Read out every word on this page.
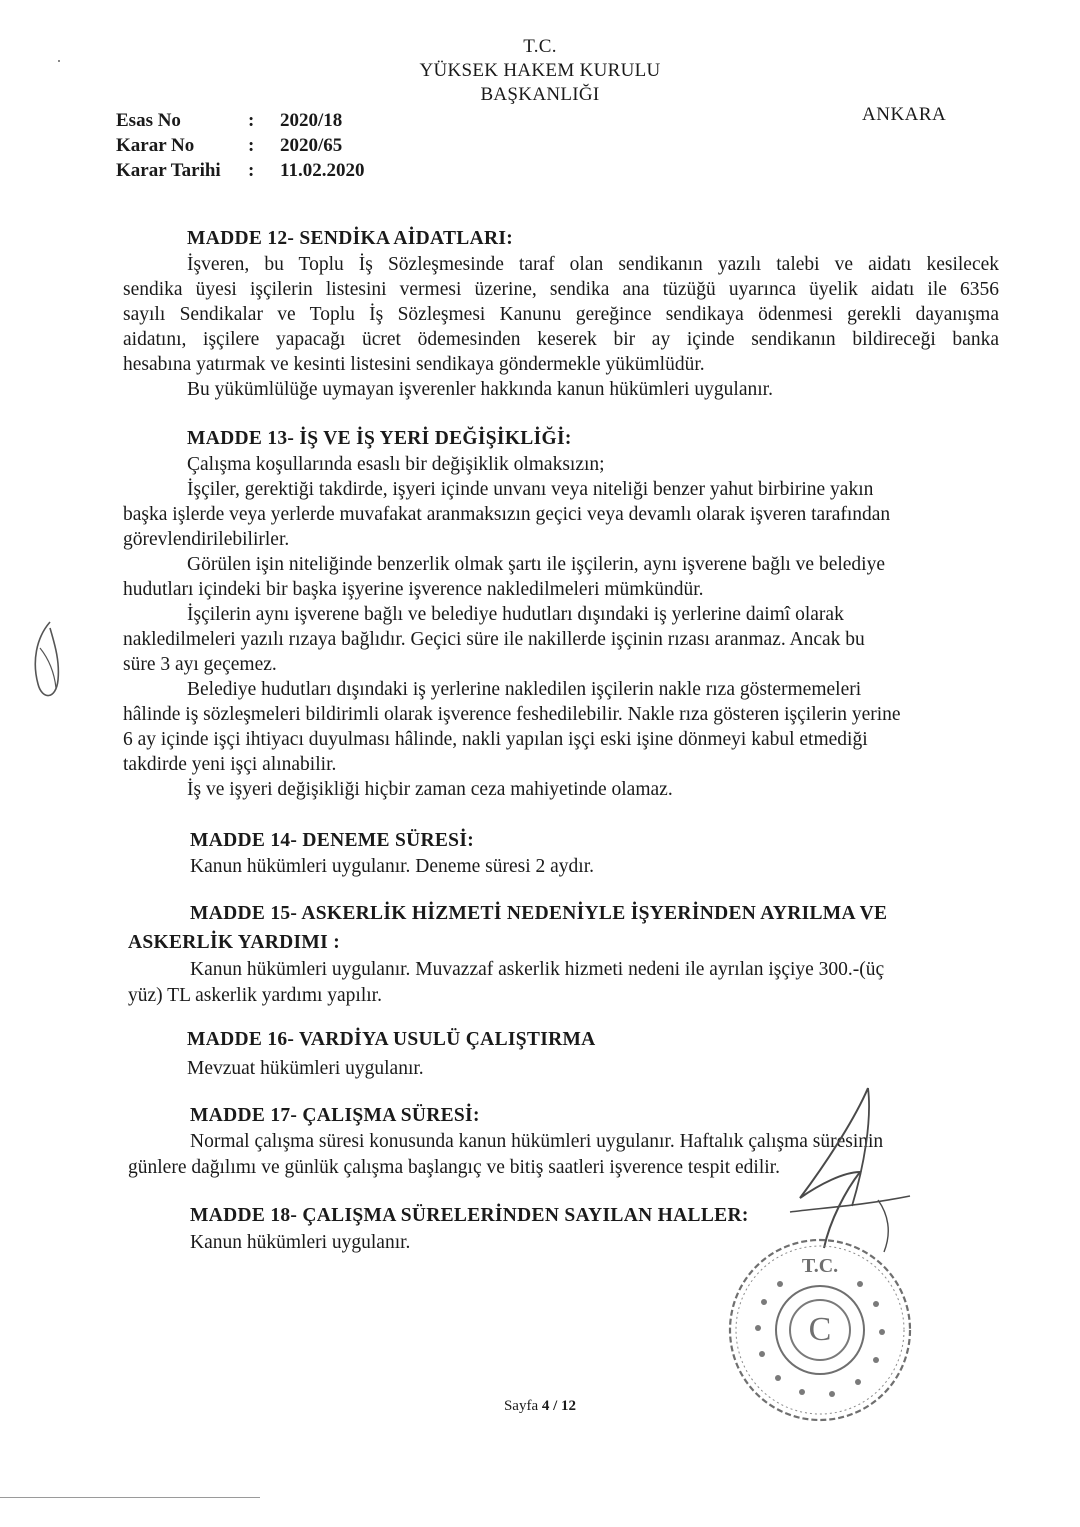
T.C.
YÜKSEK HAKEM KURULU
BAŞKANLIĞI
ANKARA
Esas No	: 2020/18
Karar No	: 2020/65
Karar Tarihi : 11.02.2020
MADDE 12- SENDİKA AİDATLARI:
İşveren, bu Toplu İş Sözleşmesinde taraf olan sendikanın yazılı talebi ve aidatı kesilecek
sendika üyesi işçilerin listesini vermesi üzerine, sendika ana tüzüğü uyarınca üyelik aidatı ile 6356
sayılı Sendikalar ve Toplu İş Sözleşmesi Kanunu gereğince sendikaya ödenmesi gerekli dayanışma
aidatını, işçilere yapacağı ücret ödemesinden keserek bir ay içinde sendikanın bildireceği banka
hesabına yatırmak ve kesinti listesini sendikaya göndermekle yükümlüdür.
Bu yükümlülüğe uymayan işverenler hakkında kanun hükümleri uygulanır.
MADDE 13- İŞ VE İŞ YERİ DEĞİŞİKLİĞİ:
Çalışma koşullarında esaslı bir değişiklik olmaksızın;
İşçiler, gerektiği takdirde, işyeri içinde unvanı veya niteliği benzer yahut birbirine yakın
başka işlerde veya yerlerde muvafakat aranmaksızın geçici veya devamlı olarak işveren tarafından
görevlendirilebilirler.
Görülen işin niteliğinde benzerlik olmak şartı ile işçilerin, aynı işverene bağlı ve belediye
hudutları içindeki bir başka işyerine işverence nakledilmeleri mümkündür.
İşçilerin aynı işverene bağlı ve belediye hudutları dışındaki iş yerlerine daimî olarak
nakledilmeleri yazılı rızaya bağlıdır. Geçici süre ile nakillerde işçinin rızası aranmaz. Ancak bu
süre 3 ayı geçemez.
Belediye hudutları dışındaki iş yerlerine nakledilen işçilerin nakle rıza göstermemeleri
hâlinde iş sözleşmeleri bildirimli olarak işverence feshedilebilir. Nakle rıza gösteren işçilerin yerine
6 ay içinde işçi ihtiyacı duyulması hâlinde, nakli yapılan işçi eski işine dönmeyi kabul etmediği
takdirde yeni işçi alınabilir.
İş ve işyeri değişikliği hiçbir zaman ceza mahiyetinde olamaz.
MADDE 14- DENEME SÜRESİ:
Kanun hükümleri uygulanır. Deneme süresi 2 aydır.
MADDE 15- ASKERLİK HİZMETİ NEDENİYLE İŞYERİNDEN AYRILMA VE
ASKERLİK YARDIMI :
Kanun hükümleri uygulanır. Muvazzaf askerlik hizmeti nedeni ile ayrılan işçiye 300.-(üç
yüz) TL askerlik yardımı yapılır.
MADDE 16- VARDİYA USULÜ ÇALIŞTIRMA
Mevzuat hükümleri uygulanır.
MADDE 17- ÇALIŞMA SÜRESİ:
Normal çalışma süresi konusunda kanun hükümleri uygulanır. Haftalık çalışma süresinin
günlere dağılımı ve günlük çalışma başlangıç ve bitiş saatleri işverence tespit edilir.
MADDE 18- ÇALIŞMA SÜRELERİNDEN SAYILAN HALLER:
Kanun hükümleri uygulanır.
Sayfa 4 / 12
C
T.C.
